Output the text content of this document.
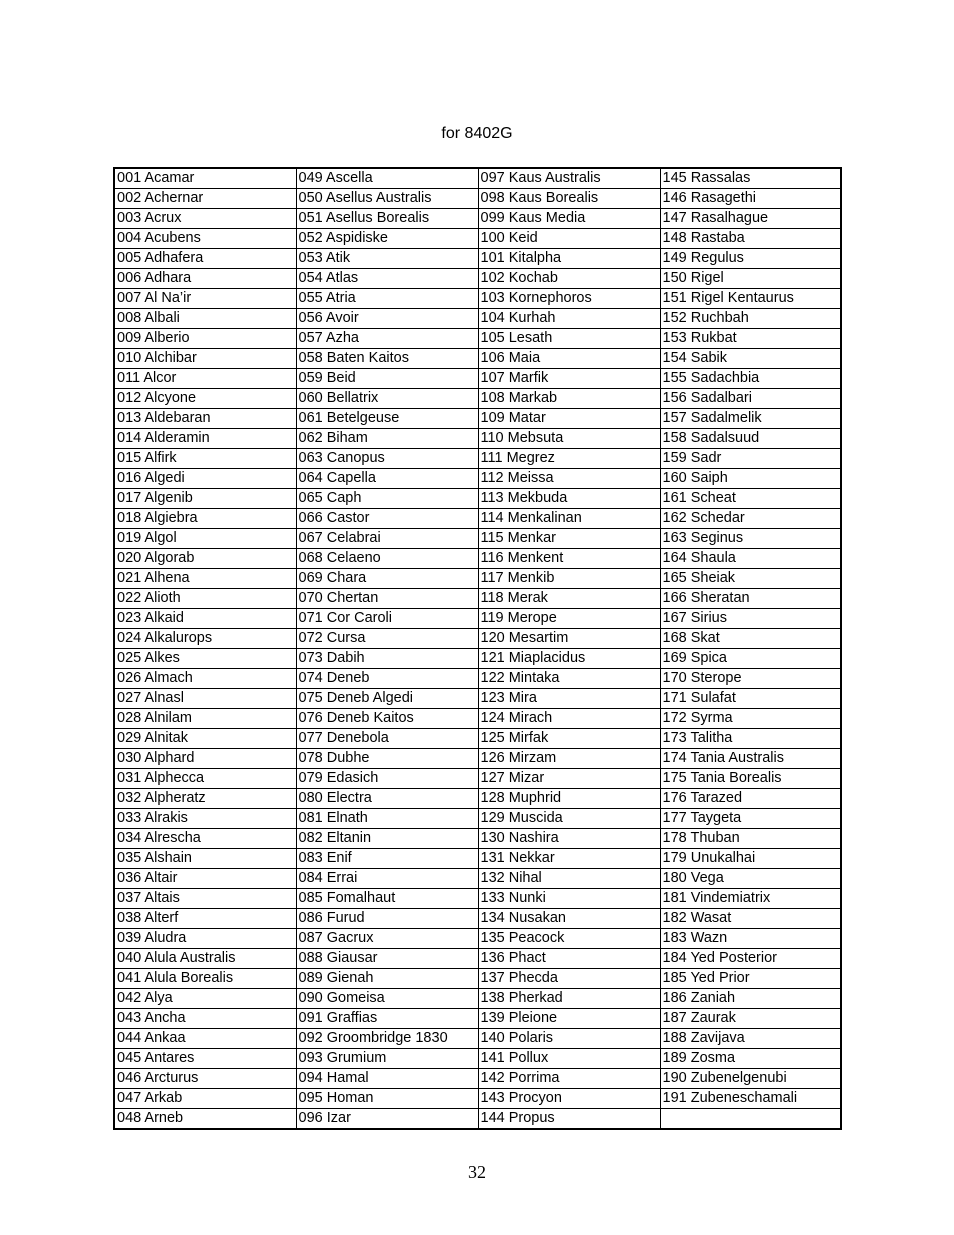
for 8402G
001 Acamar	049 Ascella	097 Kaus Australis	145 Rassalas
002 Achernar	050 Asellus Australis	098 Kaus Borealis	146 Rasagethi
003 Acrux	051 Asellus Borealis	099 Kaus Media	147 Rasalhague
004 Acubens	052 Aspidiske	100 Keid	148 Rastaba
005 Adhafera	053 Atik	101 Kitalpha	149 Regulus
006 Adhara	054 Atlas	102 Kochab	150 Rigel
007 Al Na’ir	055 Atria	103 Kornephoros	151 Rigel Kentaurus
008 Albali	056 Avoir	104 Kurhah	152 Ruchbah
009 Alberio	057 Azha	105 Lesath	153 Rukbat
010 Alchibar	058 Baten Kaitos	106 Maia	154 Sabik
011 Alcor	059 Beid	107 Marfik	155 Sadachbia
012 Alcyone	060 Bellatrix	108 Markab	156 Sadalbari
013 Aldebaran	061 Betelgeuse	109 Matar	157 Sadalmelik
014 Alderamin	062 Biham	110 Mebsuta	158 Sadalsuud
015 Alfirk	063 Canopus	111 Megrez	159 Sadr
016 Algedi	064 Capella	112 Meissa	160 Saiph
017 Algenib	065 Caph	113 Mekbuda	161 Scheat
018 Algiebra	066 Castor	114 Menkalinan	162 Schedar
019 Algol	067 Celabrai	115 Menkar	163 Seginus
020 Algorab	068 Celaeno	116 Menkent	164 Shaula
021 Alhena	069 Chara	117 Menkib	165 Sheiak
022 Alioth	070 Chertan	118 Merak	166 Sheratan
023 Alkaid	071 Cor Caroli	119 Merope	167 Sirius
024 Alkalurops	072 Cursa	120 Mesartim	168 Skat
025 Alkes	073 Dabih	121 Miaplacidus	169 Spica
026 Almach	074 Deneb	122 Mintaka	170 Sterope
027 Alnasl	075 Deneb Algedi	123 Mira	171 Sulafat
028 Alnilam	076 Deneb Kaitos	124 Mirach	172 Syrma
029 Alnitak	077 Denebola	125 Mirfak	173 Talitha
030 Alphard	078 Dubhe	126 Mirzam	174 Tania Australis
031 Alphecca	079 Edasich	127 Mizar	175 Tania Borealis
032 Alpheratz	080 Electra	128 Muphrid	176 Tarazed
033 Alrakis	081 Elnath	129 Muscida	177 Taygeta
034 Alrescha	082 Eltanin	130 Nashira	178 Thuban
035 Alshain	083 Enif	131 Nekkar	179 Unukalhai
036 Altair	084 Errai	132 Nihal	180 Vega
037 Altais	085 Fomalhaut	133 Nunki	181 Vindemiatrix
038 Alterf	086 Furud	134 Nusakan	182 Wasat
039 Aludra	087 Gacrux	135 Peacock	183 Wazn
040 Alula Australis	088 Giausar	136 Phact	184 Yed Posterior
041 Alula Borealis	089 Gienah	137 Phecda	185 Yed Prior
042 Alya	090 Gomeisa	138 Pherkad	186 Zaniah
043 Ancha	091 Graffias	139 Pleione	187 Zaurak
044 Ankaa	092 Groombridge 1830	140 Polaris	188 Zavijava
045 Antares	093 Grumium	141 Pollux	189 Zosma
046 Arcturus	094 Hamal	142 Porrima	190 Zubenelgenubi
047 Arkab	095 Homan	143 Procyon	191 Zubeneschamali
048 Arneb	096 Izar	144 Propus	
32
